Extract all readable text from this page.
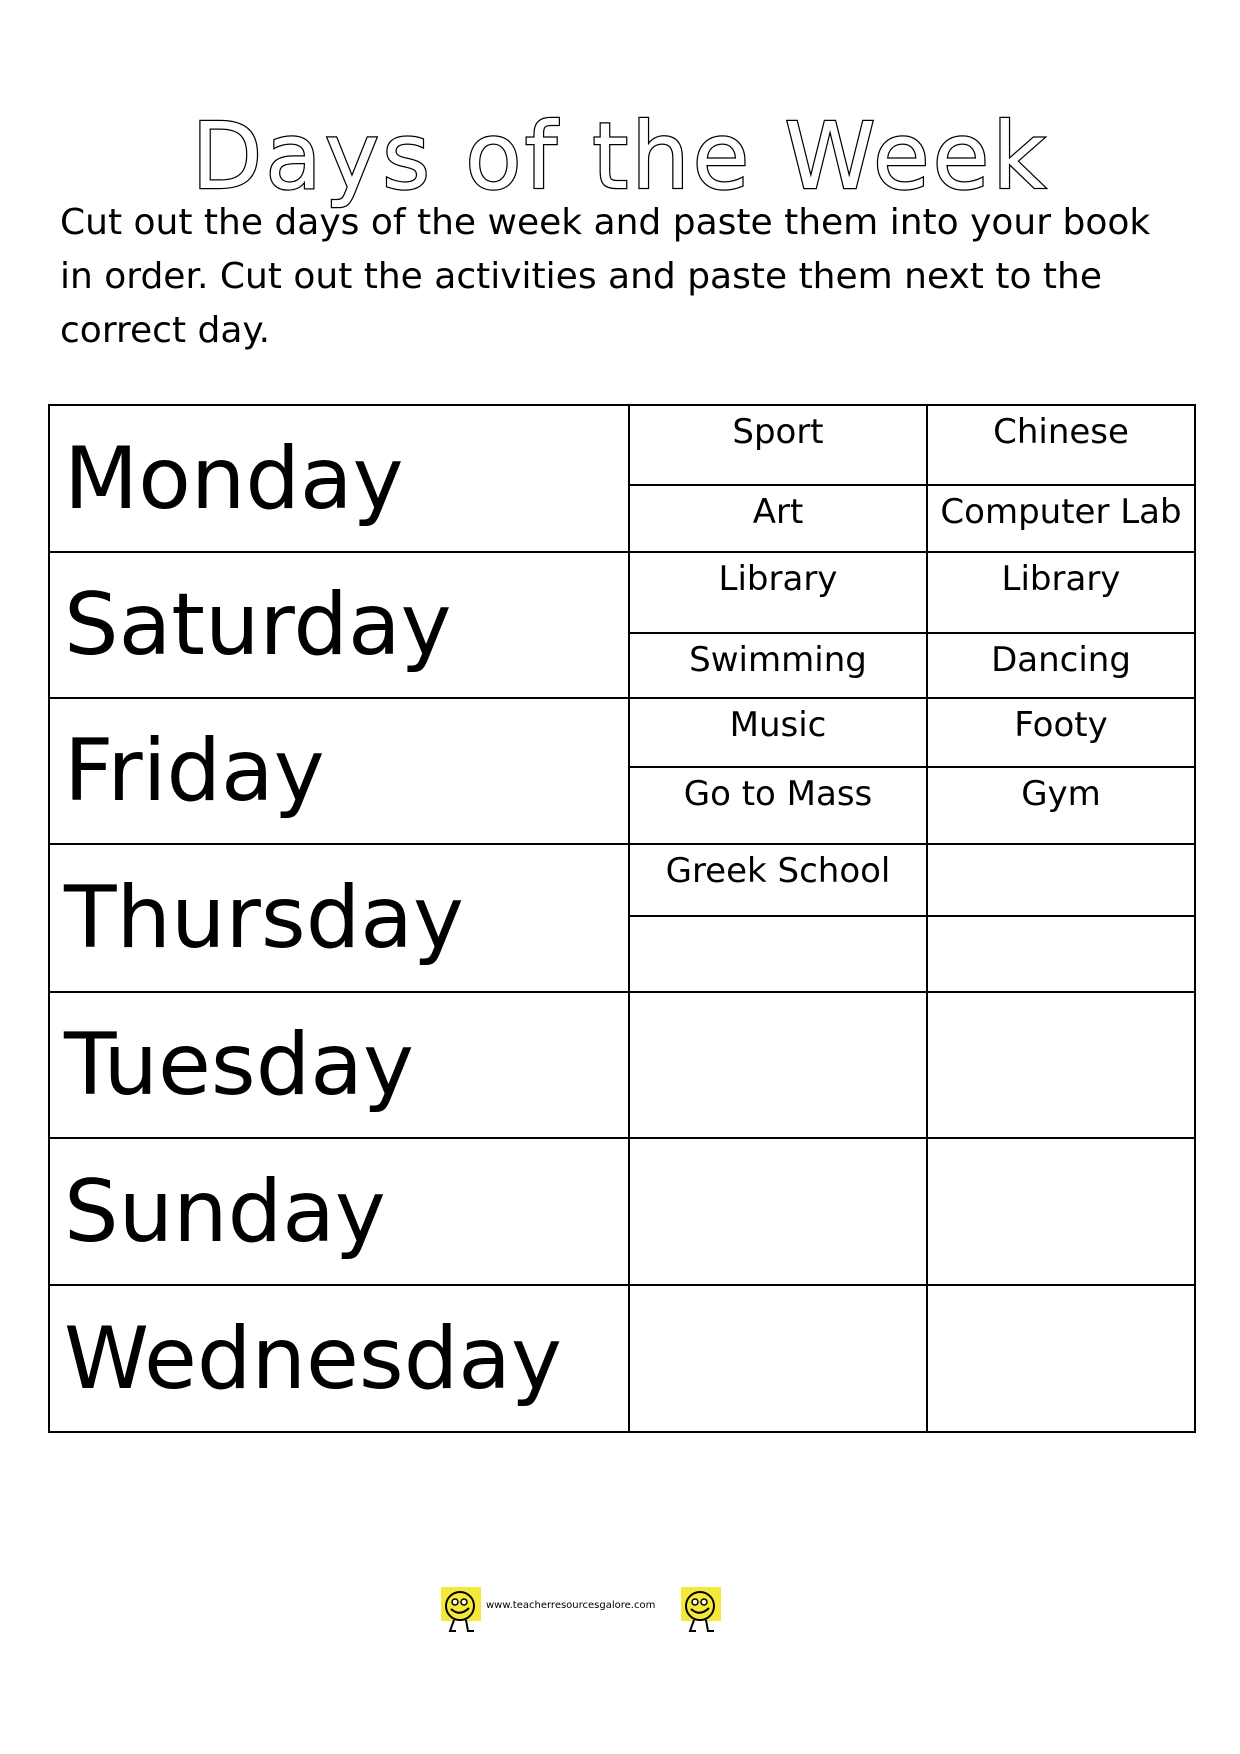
Days of the Week

Cut out the days of the week and paste them into your book in order. Cut out the activities and paste them next to the correct day.

Monday	Sport	Chinese
	Art	Computer Lab
Saturday	Library	Library
	Swimming	Dancing
Friday	Music	Footy
	Go to Mass	Gym
Thursday	Greek School	

Tuesday		
Sunday		
Wednesday		
www.teacherresourcesgalore.com
